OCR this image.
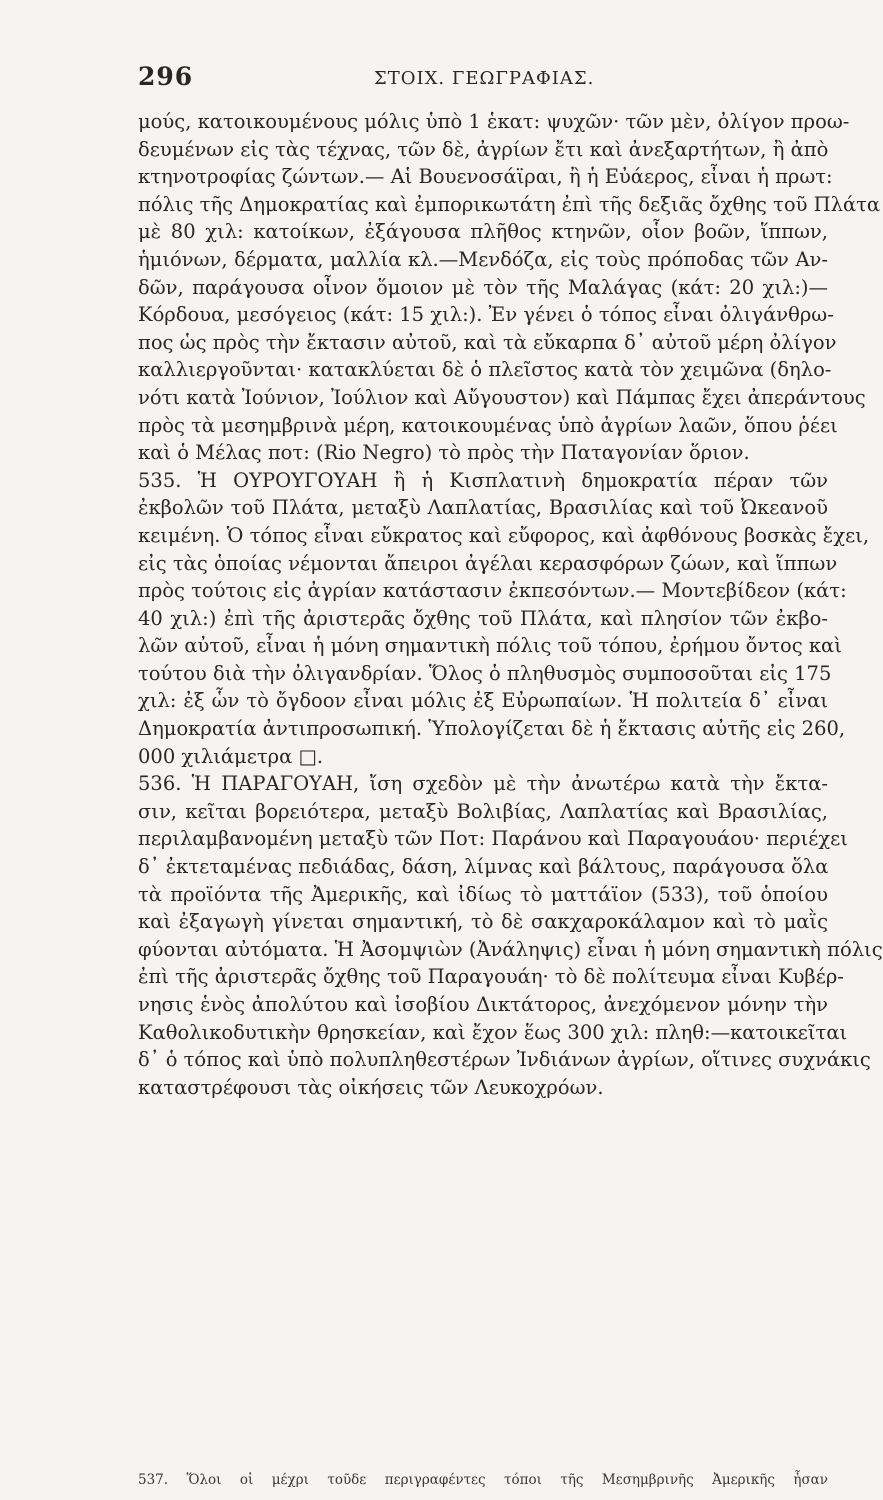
296	ΣΤΟΙΧ. ΓΕΩΓΡΑΦΙΑΣ.
μούς, κατοικουμένους μόλις ὑπὸ 1 ἑκατ: ψυχῶν· τῶν μὲν, ὀλίγον προω-
δευμένων εἰς τὰς τέχνας, τῶν δὲ, ἀγρίων ἔτι καὶ ἀνεξαρτήτων, ἢ ἀπὸ
κτηνοτροφίας ζώντων.— Αἱ Βουενοσάϊραι, ἢ ἡ Εὐάερος, εἶναι ἡ πρωτ:
πόλις τῆς Δημοκρατίας καὶ ἐμπορικωτάτη ἐπὶ τῆς δεξιᾶς ὄχθης τοῦ Πλάτα
μὲ 80 χιλ: κατοίκων, ἐξάγουσα πλῆθος κτηνῶν, οἷον βοῶν, ἵππων,
ἡμιόνων, δέρματα, μαλλία κλ.—Μενδόζα, εἰς τοὺς πρόποδας τῶν Αν-
δῶν, παράγουσα οἶνον ὅμοιον μὲ τὸν τῆς Μαλάγας (κάτ: 20 χιλ:)—
Κόρδουα, μεσόγειος (κάτ: 15 χιλ:). Ἐν γένει ὁ τόπος εἶναι ὀλιγάνθρω-
πος ὡς πρὸς τὴν ἔκτασιν αὐτοῦ, καὶ τὰ εὔκαρπα δ᾽ αὐτοῦ μέρη ὀλίγον
καλλιεργοῦνται· κατακλύεται δὲ ὁ πλεῖστος κατὰ τὸν χειμῶνα (δηλο-
νότι κατὰ Ἰούνιον, Ἰούλιον καὶ Αὔγουστον) καὶ Πάμπας ἔχει ἀπεράντους
πρὸς τὰ μεσημβρινὰ μέρη, κατοικουμένας ὑπὸ ἀγρίων λαῶν, ὅπου ῥέει
καὶ ὁ Μέλας ποτ: (Rio Negro) τὸ πρὸς τὴν Παταγονίαν ὅριον.
535. Ἡ ΟΥΡΟΥΓΟΥΑΗ ἢ ἡ Κισπλατινὴ δημοκρατία πέραν τῶν
ἐκβολῶν τοῦ Πλάτα, μεταξὺ Λαπλατίας, Βρασιλίας καὶ τοῦ Ὠκεανοῦ
κειμένη. Ὁ τόπος εἶναι εὔκρατος καὶ εὔφορος, καὶ ἀφθόνους βοσκὰς ἔχει,
εἰς τὰς ὁποίας νέμονται ἄπειροι ἀγέλαι κερασφόρων ζώων, καὶ ἵππων
πρὸς τούτοις εἰς ἀγρίαν κατάστασιν ἐκπεσόντων.— Μοντεβίδεον (κάτ:
40 χιλ:) ἐπὶ τῆς ἀριστερᾶς ὄχθης τοῦ Πλάτα, καὶ πλησίον τῶν ἐκβο-
λῶν αὐτοῦ, εἶναι ἡ μόνη σημαντικὴ πόλις τοῦ τόπου, ἐρήμου ὄντος καὶ
τούτου διὰ τὴν ὀλιγανδρίαν. Ὅλος ὁ πληθυσμὸς συμποσοῦται εἰς 175
χιλ: ἐξ ὧν τὸ ὄγδοον εἶναι μόλις ἐξ Εὐρωπαίων. Ἡ πολιτεία δ᾽ εἶναι
Δημοκρατία ἀντιπροσωπική. Ὑπολογίζεται δὲ ἡ ἔκτασις αὐτῆς εἰς 260,
000 χιλιάμετρα □.
536. Ἡ ΠΑΡΑΓΟΥΑΗ, ἴση σχεδὸν μὲ τὴν ἀνωτέρω κατὰ τὴν ἔκτα-
σιν, κεῖται βορειότερα, μεταξὺ Βολιβίας, Λαπλατίας καὶ Βρασιλίας,
περιλαμβανομένη μεταξὺ τῶν Ποτ: Παράνου καὶ Παραγουάου· περιέχει
δ᾽ ἐκτεταμένας πεδιάδας, δάση, λίμνας καὶ βάλτους, παράγουσα ὅλα
τὰ προϊόντα τῆς Ἀμερικῆς, καὶ ἰδίως τὸ ματτάϊον (533), τοῦ ὁποίου
καὶ ἐξαγωγὴ γίνεται σημαντική, τὸ δὲ σακχαροκάλαμον καὶ τὸ μαῒς
φύονται αὐτόματα. Ἡ Ἀσομψιὼν (Ἀνάληψις) εἶναι ἡ μόνη σημαντικὴ πόλις
ἐπὶ τῆς ἀριστερᾶς ὄχθης τοῦ Παραγουάη· τὸ δὲ πολίτευμα εἶναι Κυβέρ-
νησις ἑνὸς ἀπολύτου καὶ ἰσοβίου Δικτάτορος, ἀνεχόμενον μόνην τὴν
Καθολικοδυτικὴν θρησκείαν, καὶ ἔχον ἕως 300 χιλ: πληθ:—κατοικεῖται
δ᾽ ὁ τόπος καὶ ὑπὸ πολυπληθεστέρων Ἰνδιάνων ἀγρίων, οἵτινες συχνάκις
καταστρέφουσι τὰς οἰκήσεις τῶν Λευκοχρόων.
537. Ὅλοι οἱ μέχρι τοῦδε περιγραφέντες τόποι τῆς Μεσημβρινῆς Ἀμερικῆς ἦσαν
